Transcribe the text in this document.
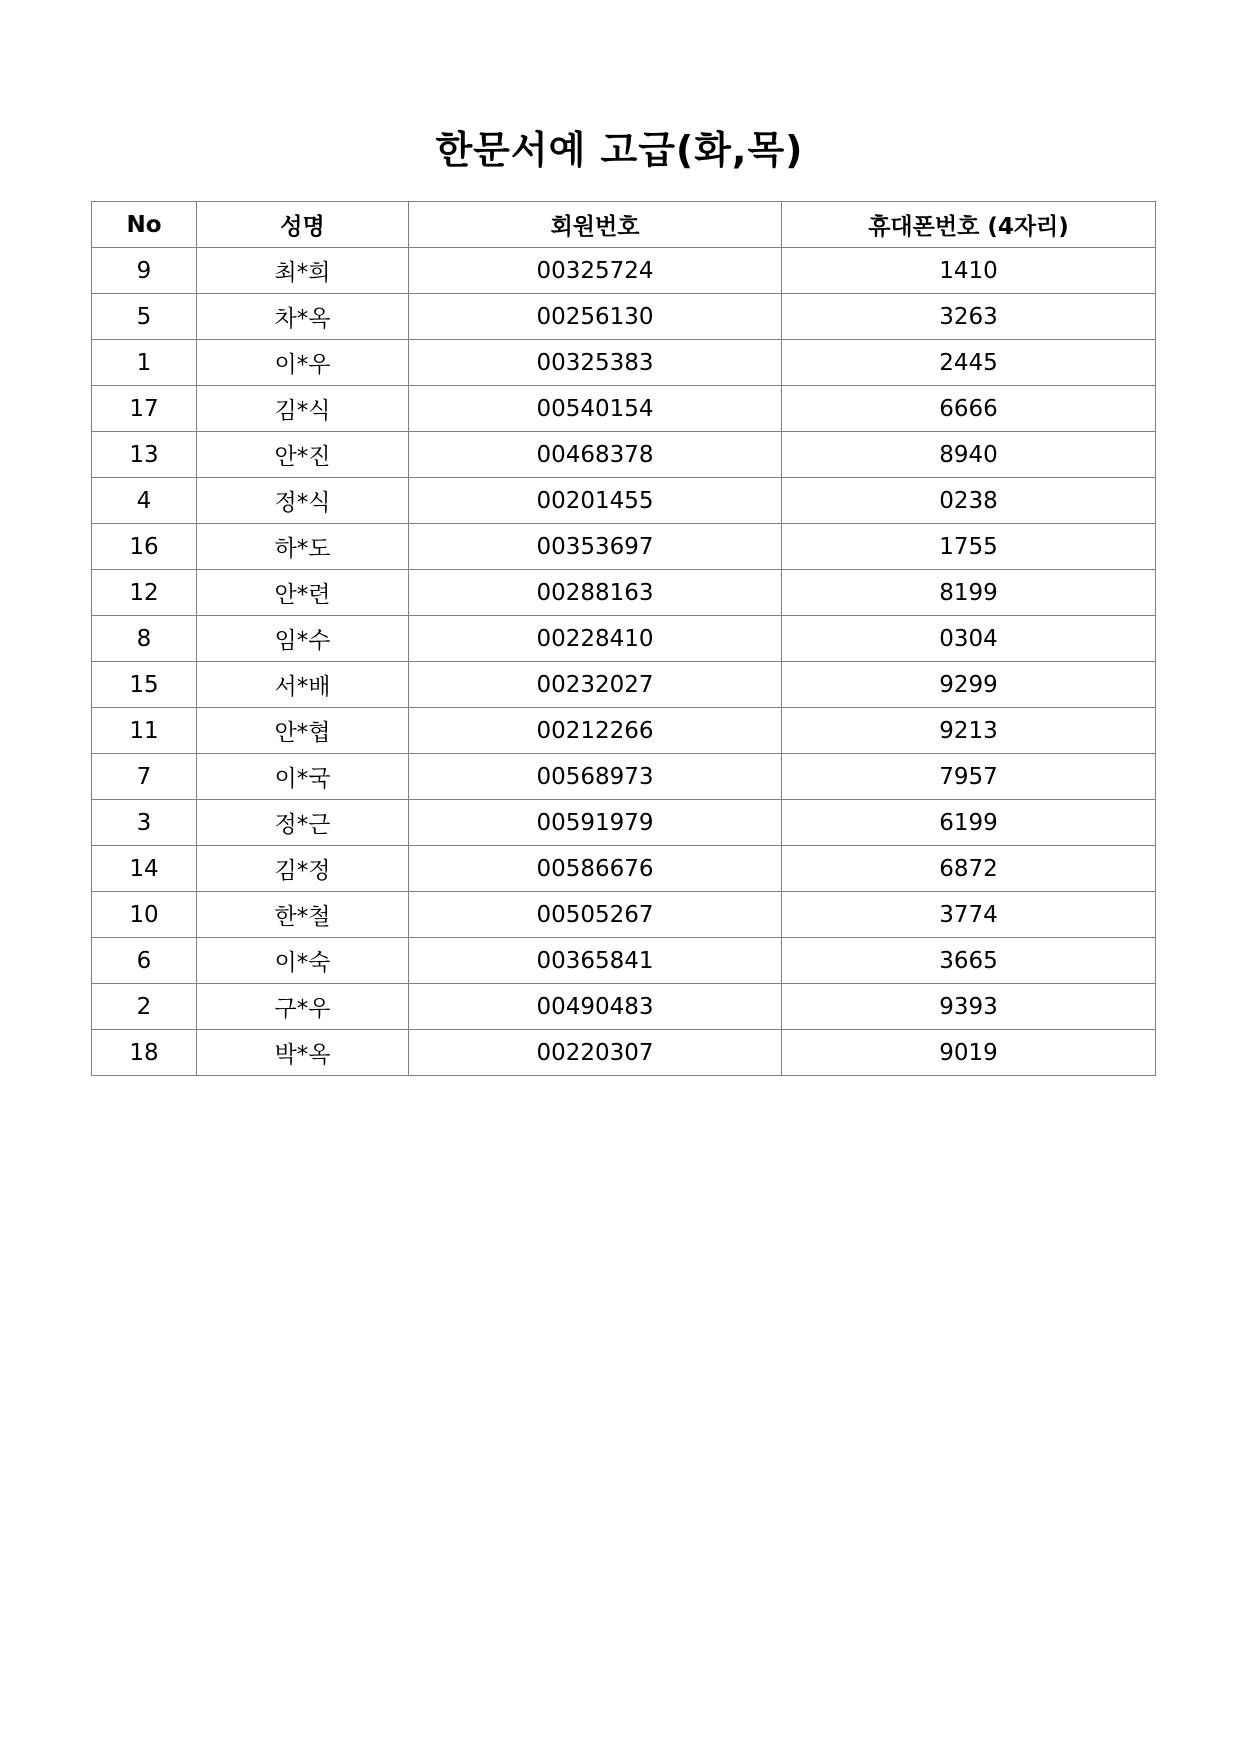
한문서예 고급(화,목)
No	성명	회원번호	휴대폰번호 (4자리)
9	최*희	00325724	1410
5	차*옥	00256130	3263
1	이*우	00325383	2445
17	김*식	00540154	6666
13	안*진	00468378	8940
4	정*식	00201455	0238
16	하*도	00353697	1755
12	안*련	00288163	8199
8	임*수	00228410	0304
15	서*배	00232027	9299
11	안*협	00212266	9213
7	이*국	00568973	7957
3	정*근	00591979	6199
14	김*정	00586676	6872
10	한*철	00505267	3774
6	이*숙	00365841	3665
2	구*우	00490483	9393
18	박*옥	00220307	9019
